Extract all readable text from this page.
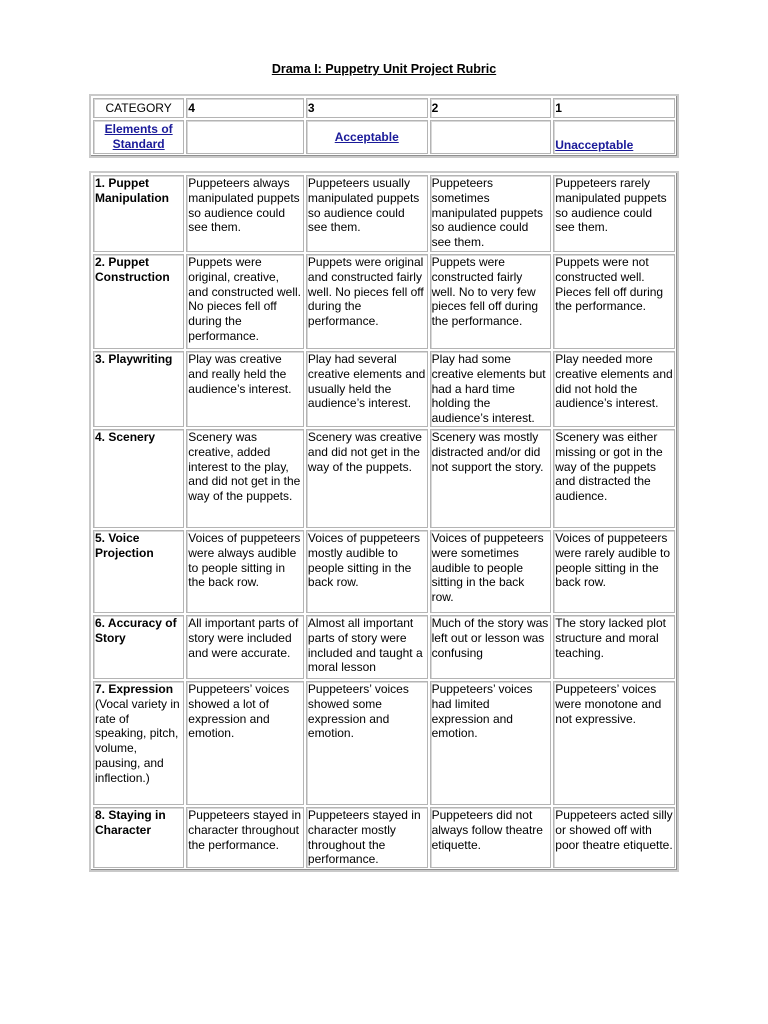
Drama I: Puppetry Unit Project Rubric
CATEGORY	4	3	2	1
Elements of Standard		Acceptable		Unacceptable
1. Puppet Manipulation	Puppeteers always manipulated puppets so audience could see them.	Puppeteers usually manipulated puppets so audience could see them.	Puppeteers sometimes manipulated puppets so audience could see them.	Puppeteers rarely manipulated puppets so audience could see them.
2. Puppet Construction	Puppets were original, creative, and constructed well. No pieces fell off during the performance.	Puppets were original and constructed fairly well. No pieces fell off during the performance.	Puppets were constructed fairly well. No to very few pieces fell off during the performance.	Puppets were not constructed well. Pieces fell off during the performance.
3. Playwriting	Play was creative and really held the audience’s interest.	Play had several creative elements and usually held the audience’s interest.	Play had some creative elements but had a hard time holding the audience’s interest.	Play needed more creative elements and did not hold the audience’s interest.
4. Scenery	Scenery was creative, added interest to the play, and did not get in the way of the puppets.	Scenery was creative and did not get in the way of the puppets.	Scenery was mostly distracted and/or did not support the story.	Scenery was either missing or got in the way of the puppets and distracted the audience.
5. Voice Projection	Voices of puppeteers were always audible to people sitting in the back row.	Voices of puppeteers mostly audible to people sitting in the back row.	Voices of puppeteers were sometimes audible to people sitting in the back row.	Voices of puppeteers were rarely audible to people sitting in the back row.
6. Accuracy of Story	All important parts of story were included and were accurate.	Almost all important parts of story were included and taught a moral lesson	Much of the story was left out or lesson was confusing	The story lacked plot structure and moral teaching.
7. Expression (Vocal variety in rate of speaking, pitch, volume, pausing, and inflection.)	Puppeteers’ voices showed a lot of expression and emotion.	Puppeteers’ voices showed some expression and emotion.	Puppeteers’ voices had limited expression and emotion.	Puppeteers’ voices were monotone and not expressive.
8. Staying in Character	Puppeteers stayed in character throughout the performance.	Puppeteers stayed in character mostly throughout the performance.	Puppeteers did not always follow theatre etiquette.	Puppeteers acted silly or showed off with poor theatre etiquette.
